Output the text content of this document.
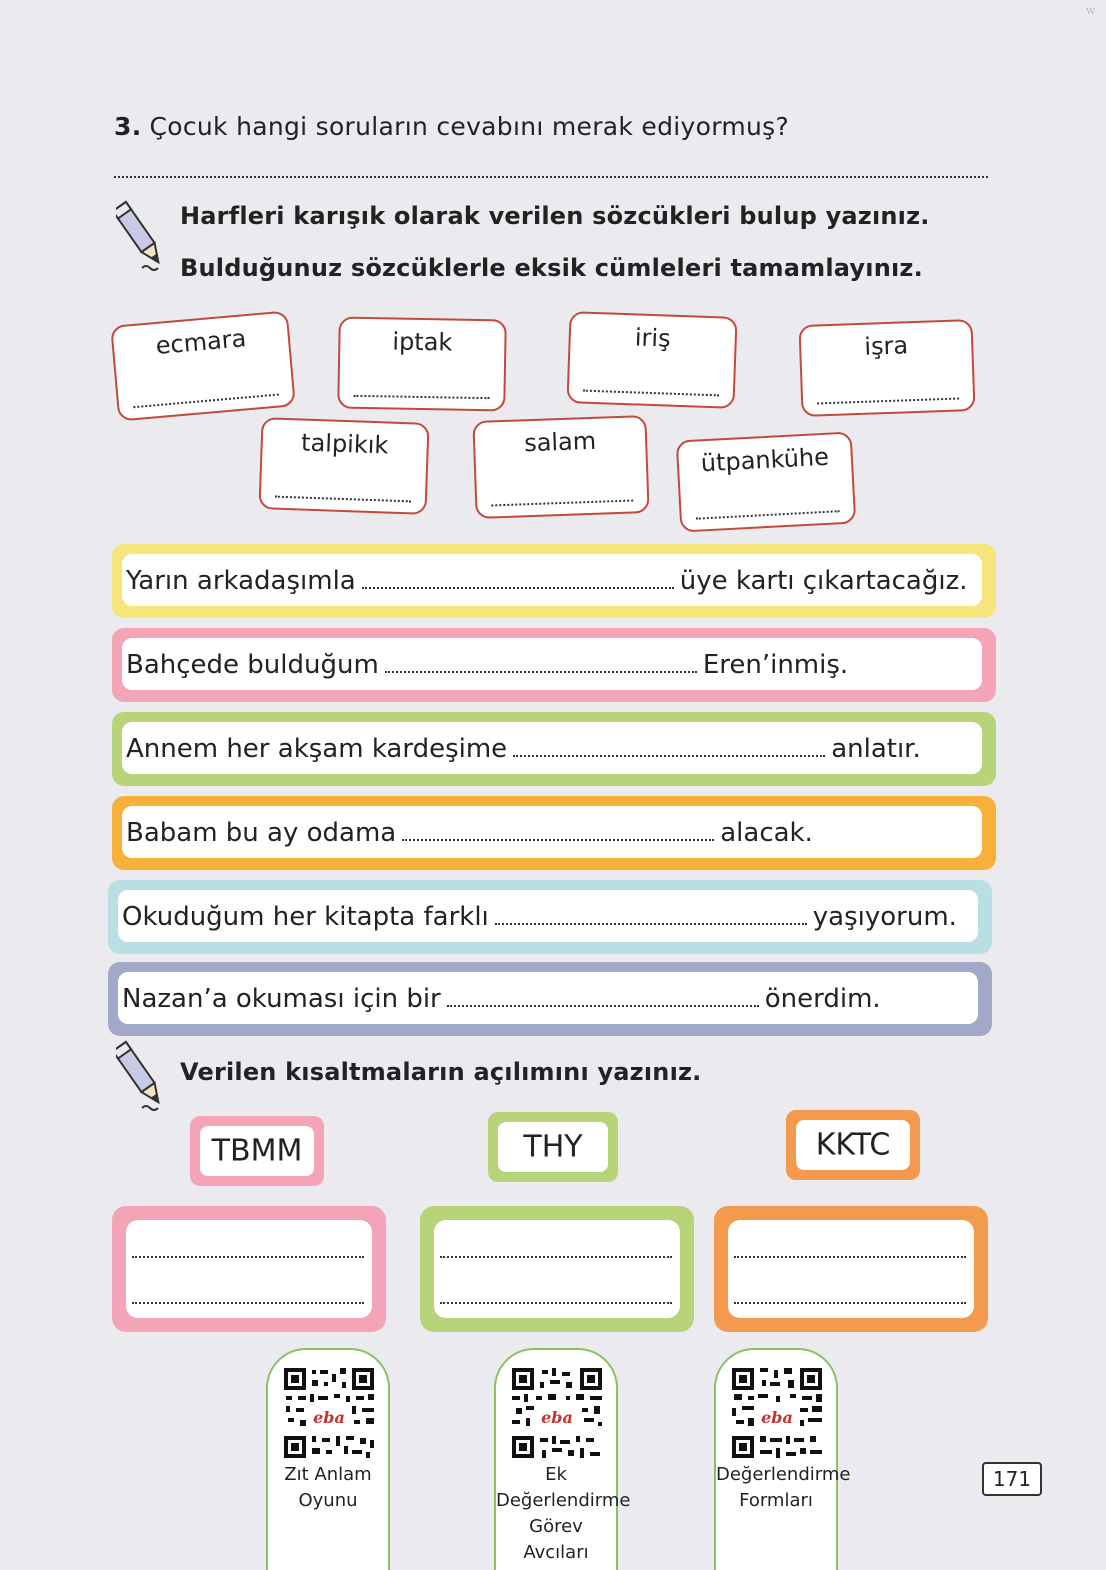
w
3. Çocuk hangi soruların cevabını merak ediyormuş?
Harfleri karışık olarak verilen sözcükleri bulup yazınız.
Bulduğunuz sözcüklerle eksik cümleleri tamamlayınız.
ecmara	iptak	iriş	işra
talpikık	salam
ütpankühe
Yarın arkadaşımla	üye kartı çıkartacağız.
Bahçede bulduğum	Eren’inmiş.
Annem her akşam kardeşime	anlatır.
Babam bu ay odama	alacak.
Okuduğum her kitapta farklı	yaşıyorum.
Nazan’a okuması için bir	önerdim.
Verilen kısaltmaların açılımını yazınız.
TBMM	THY	KKTC
eba
Zıt Anlam
Oyunu
eba
Ek
Değerlendirme
Görev Avcıları
eba
Değerlendirme
Formları
171
